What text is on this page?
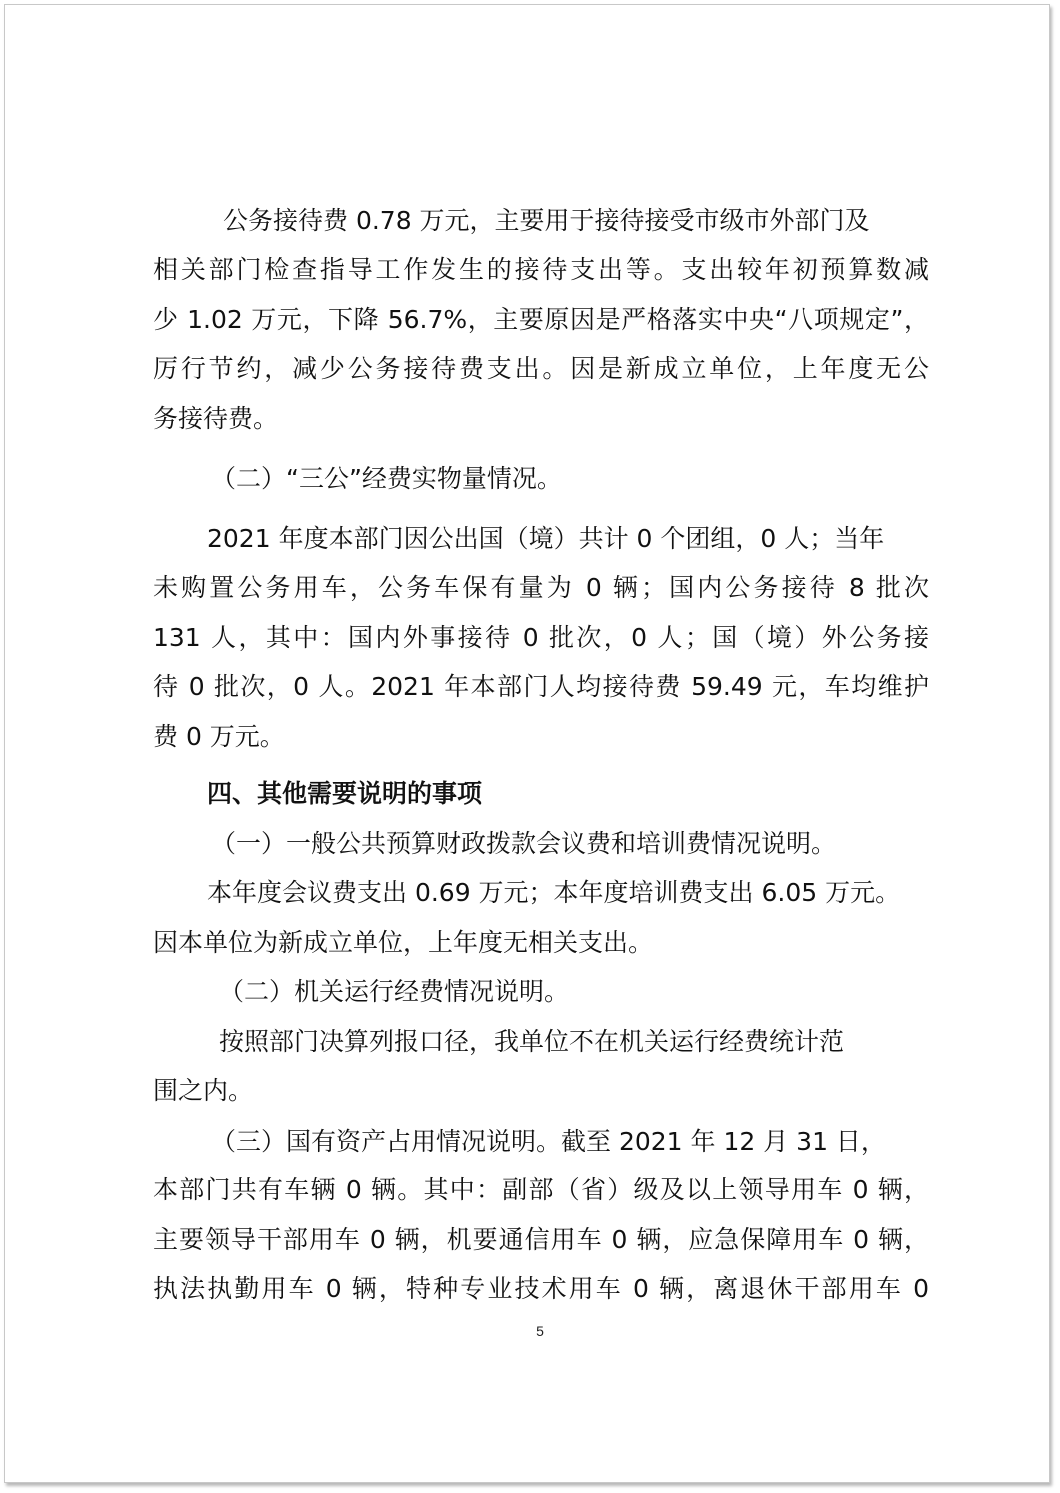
公务接待费 0.78 万元，主要用于接待接受市级市外部门及
相关部门检查指导工作发生的接待支出等。支出较年初预算数减
少 1.02 万元，下降 56.7%，主要原因是严格落实中央“八项规定”，
厉行节约，减少公务接待费支出。因是新成立单位，上年度无公
务接待费。
（二）“三公”经费实物量情况。
2021 年度本部门因公出国（境）共计 0 个团组，0 人；当年
未购置公务用车，公务车保有量为 0 辆；国内公务接待 8 批次
131 人，其中：国内外事接待 0 批次，0 人；国（境）外公务接
待 0 批次，0 人。2021 年本部门人均接待费 59.49 元，车均维护
费 0 万元。
四、其他需要说明的事项
（一）一般公共预算财政拨款会议费和培训费情况说明。
本年度会议费支出 0.69 万元；本年度培训费支出 6.05 万元。
因本单位为新成立单位，上年度无相关支出。
（二）机关运行经费情况说明。
按照部门决算列报口径，我单位不在机关运行经费统计范
围之内。
（三）国有资产占用情况说明。截至 2021 年 12 月 31 日，
本部门共有车辆 0 辆。其中：副部（省）级及以上领导用车 0 辆，
主要领导干部用车 0 辆，机要通信用车 0 辆，应急保障用车 0 辆，
执法执勤用车 0 辆，特种专业技术用车 0 辆，离退休干部用车 0
5
